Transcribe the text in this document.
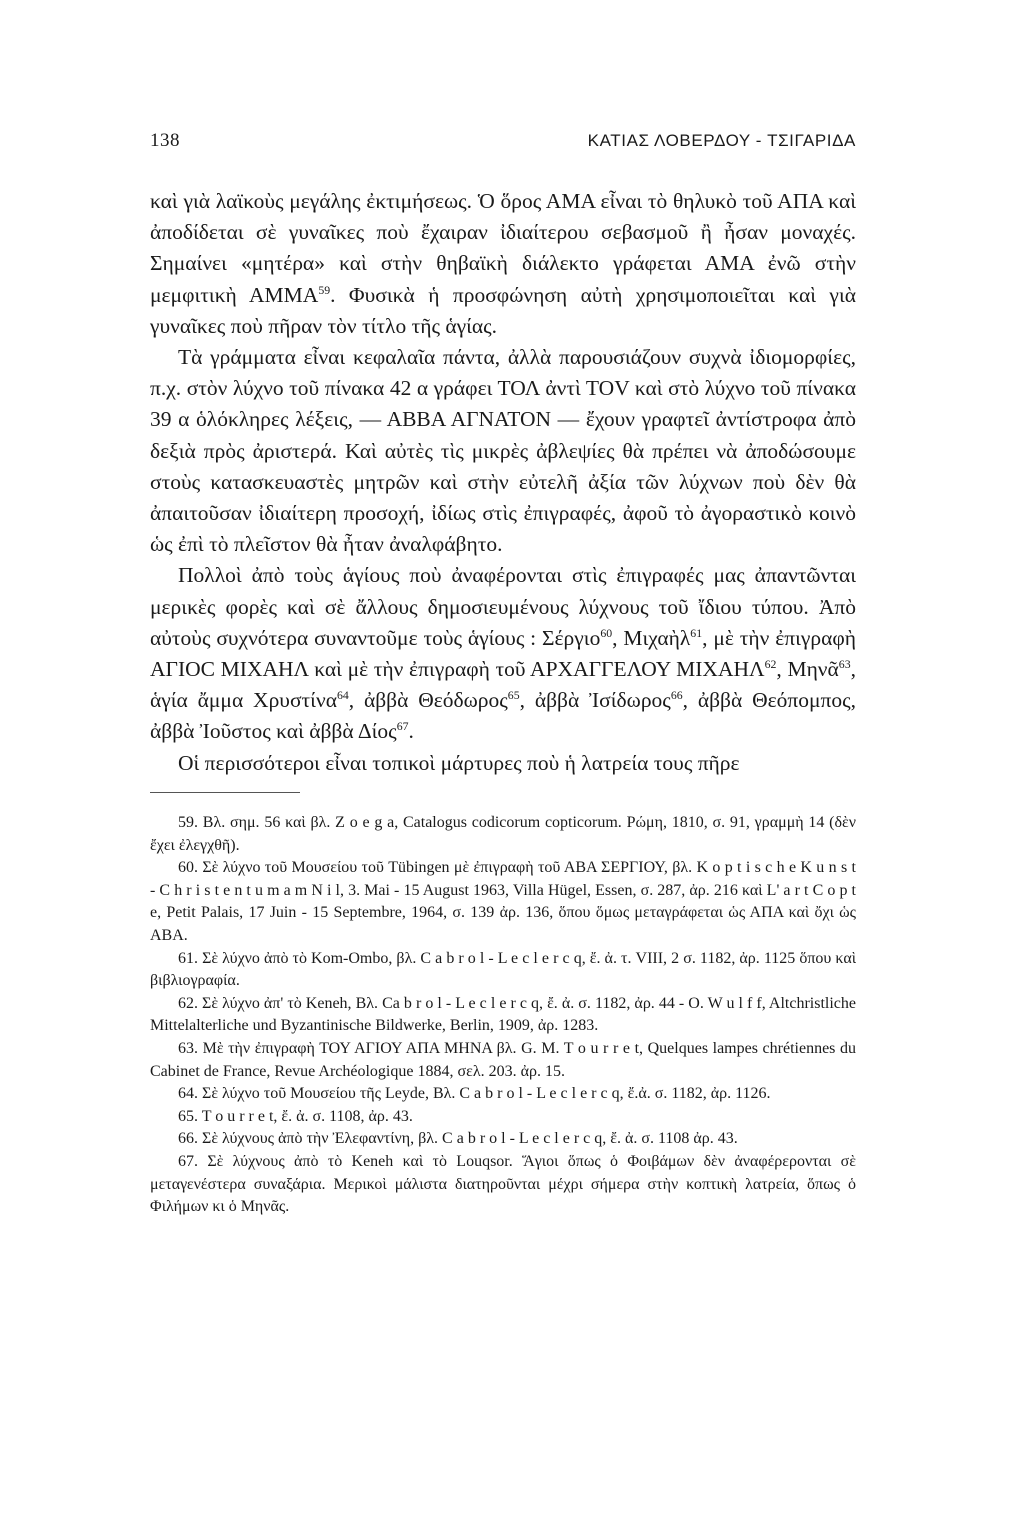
138	ΚΑΤΙΑΣ ΛΟΒΕΡΔΟΥ - ΤΣΙΓΑΡΙΔΑ

καὶ γιὰ λαϊκοὺς μεγάλης ἐκτιμήσεως. Ὁ ὅρος ΑΜΑ εἶναι τὸ θηλυκὸ τοῦ ΑΠΑ καὶ ἀποδίδεται σὲ γυναῖκες ποὺ ἔχαιραν ἰδιαίτερου σεβασμοῦ ἢ ἦσαν μοναχές. Σημαίνει «μητέρα» καὶ στὴν θηβαϊκὴ διάλεκτο γράφεται ΑΜΑ ἐνῶ στὴν μεμφιτικὴ ΑΜΜΑ$^{59}$. Φυσικὰ ἡ προσφώνηση αὐτὴ χρησιμοποιεῖται καὶ γιὰ γυναῖκες ποὺ πῆραν τὸν τίτλο τῆς ἁγίας.

Τὰ γράμματα εἶναι κεφαλαῖα πάντα, ἀλλὰ παρουσιάζουν συχνὰ ἰδιομορφίες, π.χ. στὸν λύχνο τοῦ πίνακα 42 α γράφει ΤΟΛ ἀντὶ ΤΟV καὶ στὸ λύχνο τοῦ πίνακα 39 α ὁλόκληρες λέξεις, — ΑΒΒΑ ΑΓΝΑΤΟΝ — ἔχουν γραφτεῖ ἀντίστροφα ἀπὸ δεξιὰ πρὸς ἀριστερά. Καὶ αὐτὲς τὶς μικρὲς ἀβλεψίες θὰ πρέπει νὰ ἀποδώσουμε στοὺς κατασκευαστὲς μητρῶν καὶ στὴν εὐτελῆ ἀξία τῶν λύχνων ποὺ δὲν θὰ ἀπαιτοῦσαν ἰδιαίτερη προσοχή, ἰδίως στὶς ἐπιγραφές, ἀφοῦ τὸ ἀγοραστικὸ κοινὸ ὡς ἐπὶ τὸ πλεῖστον θὰ ἦταν ἀναλφάβητο.

Πολλοὶ ἀπὸ τοὺς ἁγίους ποὺ ἀναφέρονται στὶς ἐπιγραφές μας ἀπαντῶνται μερικὲς φορὲς καὶ σὲ ἄλλους δημοσιευμένους λύχνους τοῦ ἴδιου τύπου. Ἀπὸ αὐτοὺς συχνότερα συναντοῦμε τοὺς ἁγίους : Σέργιο$^{60}$, Μιχαὴλ$^{61}$, μὲ τὴν ἐπιγραφὴ ΑΓΙΟC ΜΙΧΑΗΛ καὶ μὲ τὴν ἐπιγραφὴ τοῦ ΑΡΧΑΓΓΕΛΟΥ ΜΙΧΑΗΛ$^{62}$, Μηνᾶ$^{63}$, ἁγία ἄμμα Χρυστίνα$^{64}$, ἀββὰ Θεόδωρος$^{65}$, ἀββὰ Ἰσίδωρος$^{66}$, ἀββὰ Θεόπομπος, ἀββὰ Ἰοῦστος καὶ ἀββὰ Δίος$^{67}$.

Οἱ περισσότεροι εἶναι τοπικοὶ μάρτυρες ποὺ ἡ λατρεία τους πῆρε

59. Βλ. σημ. 56 καὶ βλ. Z o e g a, Catalogus codicorum copticorum. Ρώμη, 1810, σ. 91, γραμμὴ 14 (δὲν ἔχει ἐλεγχθῆ).

60. Σὲ λύχνο τοῦ Μουσείου τοῦ Tübingen μὲ ἐπιγραφὴ τοῦ ΑΒΑ ΣΕΡΓΙΟΥ, βλ. K o p t i s c h e K u n s t - C h r i s t e n t u m a m N i l, 3. Mai - 15 August 1963, Villa Hügel, Essen, σ. 287, ἀρ. 216 καὶ L' a r t C o p t e, Petit Palais, 17 Juin - 15 Septembre, 1964, σ. 139 ἀρ. 136, ὅπου ὅμως μεταγράφεται ὡς ΑΠΑ καὶ ὄχι ὡς ΑΒΑ.

61. Σὲ λύχνο ἀπὸ τὸ Kom-Ombo, βλ. C a b r o l - L e c l e r c q, ἔ. ἀ. τ. VIII, 2 σ. 1182, ἀρ. 1125 ὅπου καὶ βιβλιογραφία.

62. Σὲ λύχνο ἀπ' τὸ Keneh, Βλ. Ca b r o l - L e c l e r c q, ἔ. ἀ. σ. 1182, ἀρ. 44 - O. W u l f f, Altchristliche Mittelalterliche und Byzantinische Bildwerke, Berlin, 1909, ἀρ. 1283.

63. Μὲ τὴν ἐπιγραφὴ ΤΟΥ ΑΓΙΟΥ ΑΠΑ ΜΗΝΑ βλ. G. M. T o u r r e t, Quelques lampes chrétiennes du Cabinet de France, Revue Archéologique 1884, σελ. 203. ἀρ. 15.

64. Σὲ λύχνο τοῦ Μουσείου τῆς Leyde, Βλ. C a b r o l - L e c l e r c q, ἔ.ἀ. σ. 1182, ἀρ. 1126.

65. T o u r r e t, ἔ. ἀ. σ. 1108, ἀρ. 43.

66. Σὲ λύχνους ἀπὸ τὴν Ἐλεφαντίνη, βλ. C a b r o l - L e c l e r c q, ἔ. ἀ. σ. 1108 ἀρ. 43.

67. Σὲ λύχνους ἀπὸ τὸ Keneh καὶ τὸ Louqsor. Ἅγιοι ὅπως ὁ Φοιβάμων δὲν ἀναφέρερονται σὲ μεταγενέστερα συναξάρια. Μερικοὶ μάλιστα διατηροῦνται μέχρι σήμερα στὴν κοπτικὴ λατρεία, ὅπως ὁ Φιλήμων κι ὁ Μηνᾶς.
